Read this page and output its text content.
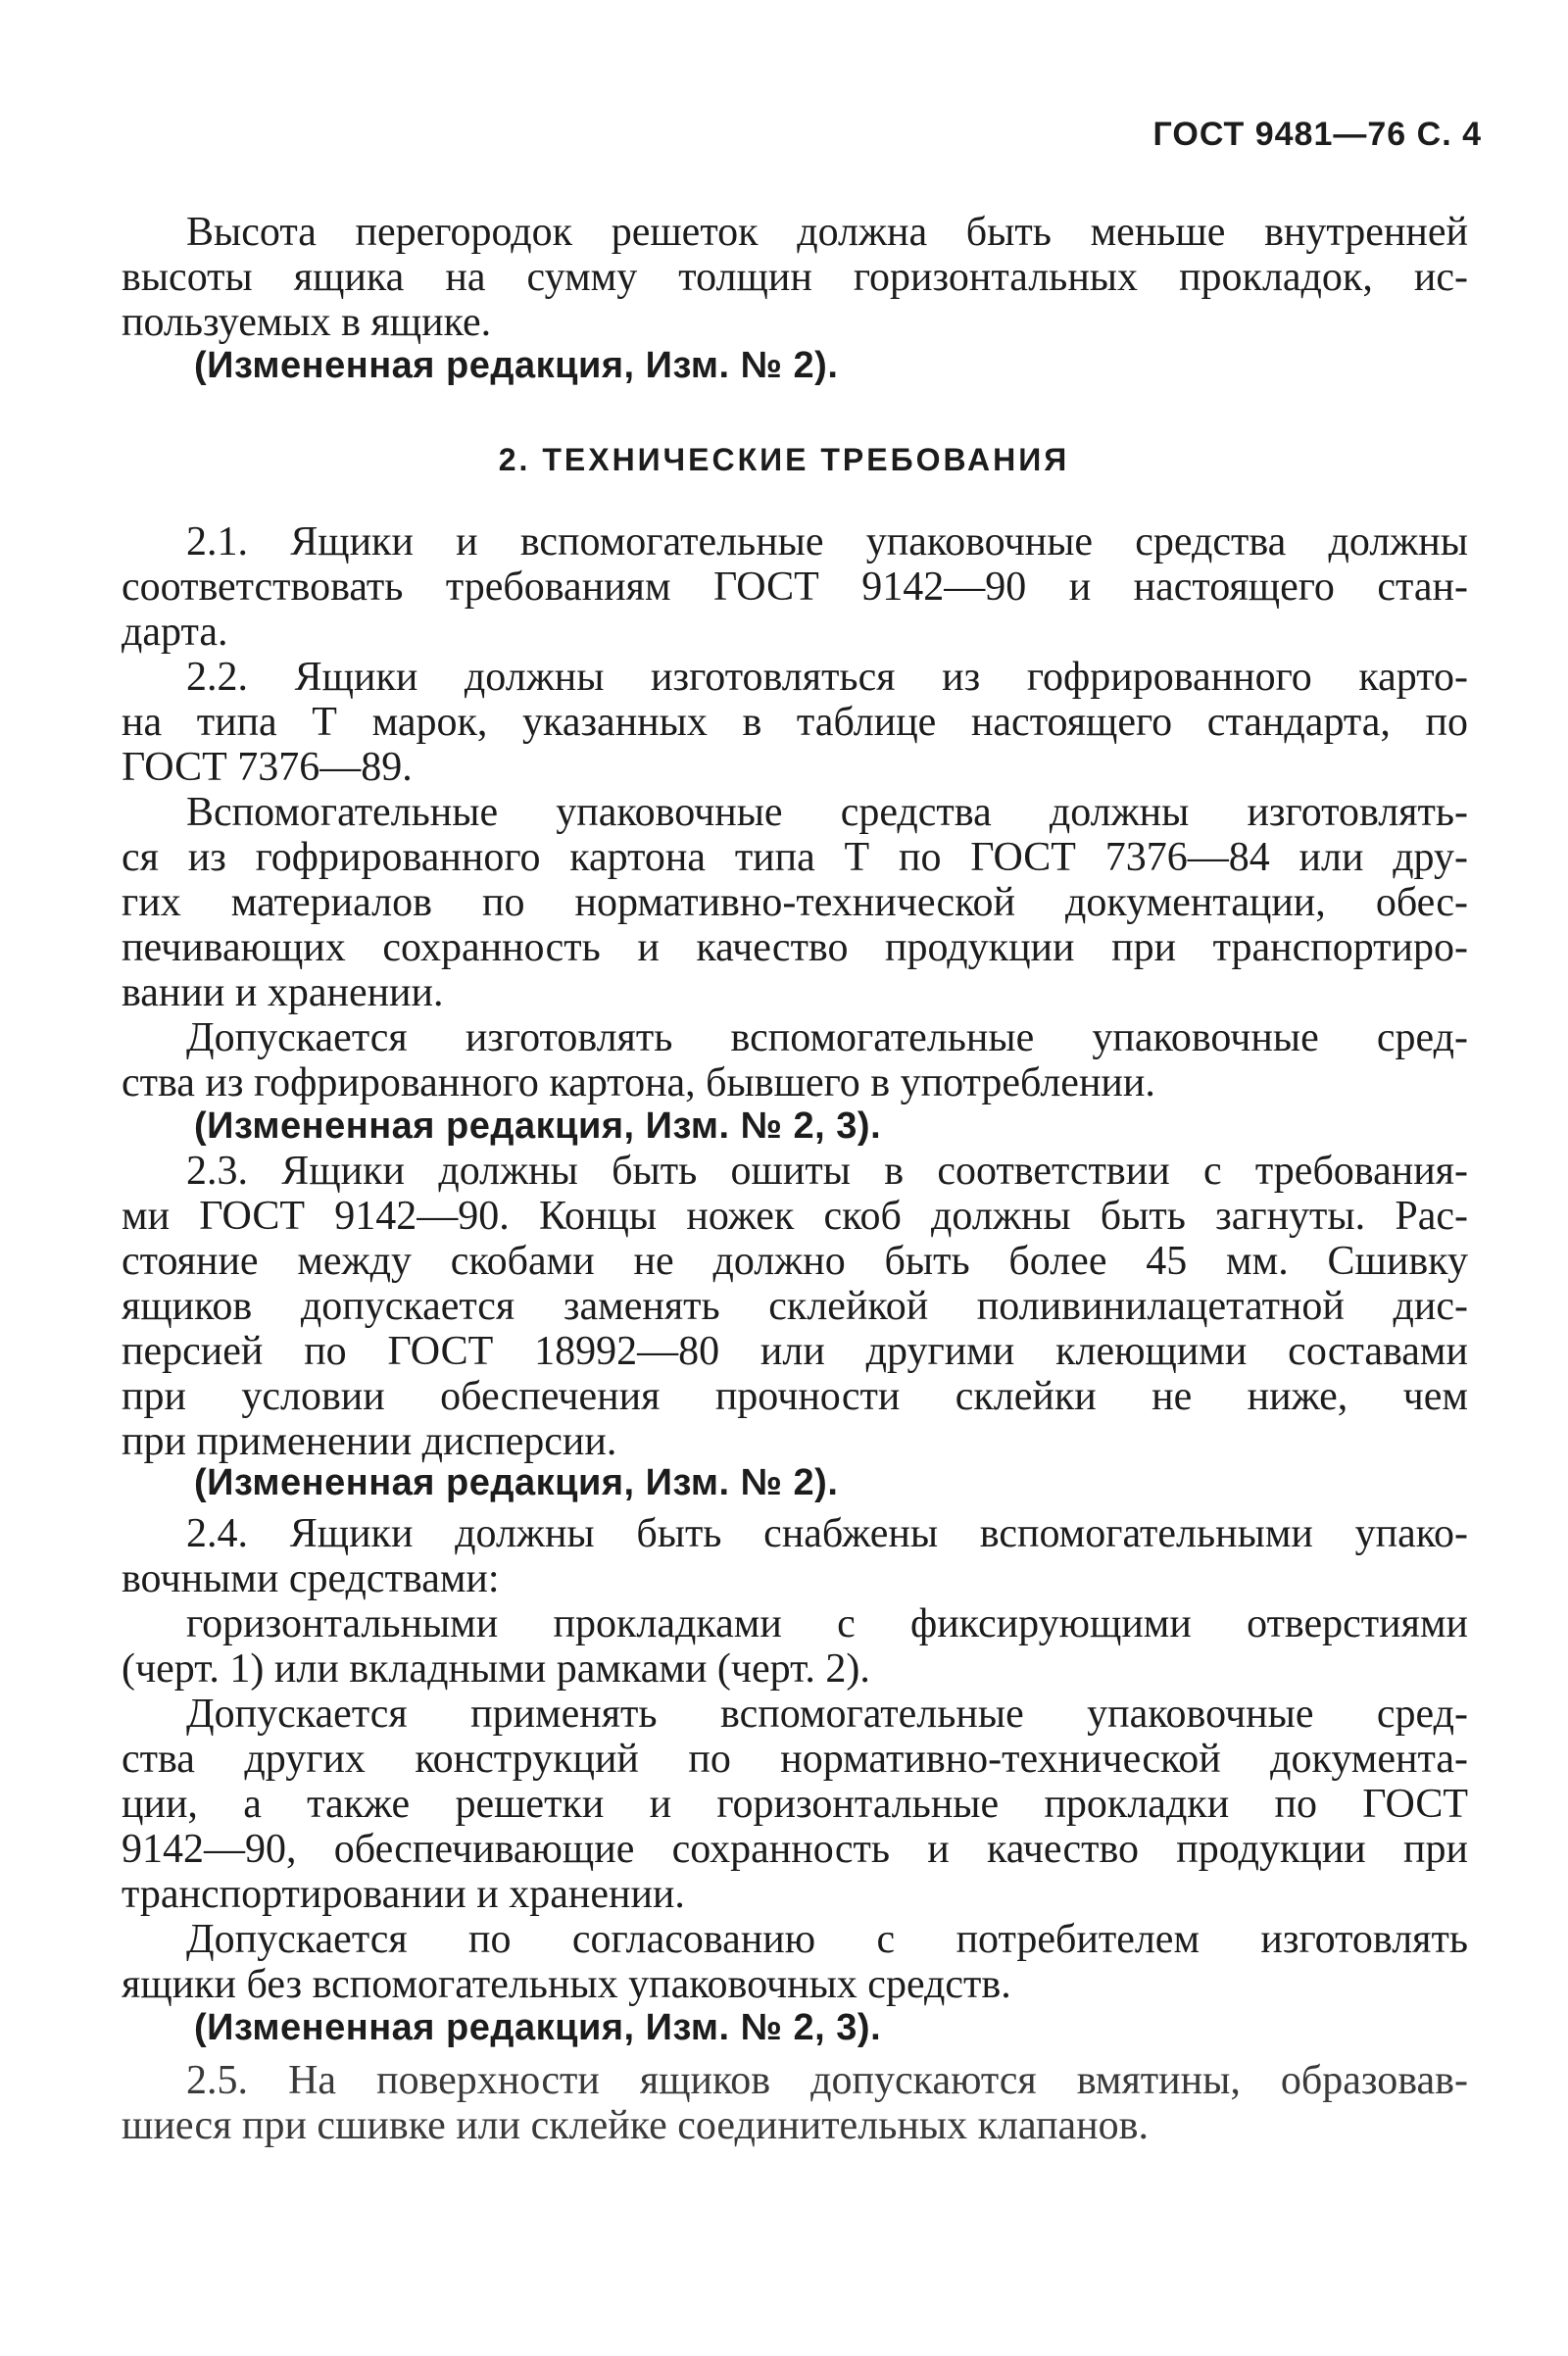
ГОСТ 9481—76 С. 4
Высота перегородок решеток должна быть меньше внутренней
высоты ящика на сумму толщин горизонтальных прокладок, ис-
пользуемых в ящике.
(Измененная редакция, Изм. № 2).
2. ТЕХНИЧЕСКИЕ ТРЕБОВАНИЯ
2.1. Ящики и вспомогательные упаковочные средства должны
соответствовать требованиям ГОСТ 9142—90 и настоящего стан-
дарта.
2.2. Ящики должны изготовляться из гофрированного карто-
на типа Т марок, указанных в таблице настоящего стандарта, по
ГОСТ 7376—89.
Вспомогательные упаковочные средства должны изготовлять-
ся из гофрированного картона типа Т по ГОСТ 7376—84 или дру-
гих материалов по нормативно-технической документации, обес-
печивающих сохранность и качество продукции при транспортиро-
вании и хранении.
Допускается изготовлять вспомогательные упаковочные сред-
ства из гофрированного картона, бывшего в употреблении.
(Измененная редакция, Изм. № 2, 3).
2.3. Ящики должны быть ошиты в соответствии с требования-
ми ГОСТ 9142—90. Концы ножек скоб должны быть загнуты. Рас-
стояние между скобами не должно быть более 45 мм. Сшивку
ящиков допускается заменять склейкой поливинилацетатной дис-
персией по ГОСТ 18992—80 или другими клеющими составами
при условии обеспечения прочности склейки не ниже, чем
при применении дисперсии.
(Измененная редакция, Изм. № 2).
2.4. Ящики должны быть снабжены вспомогательными упако-
вочными средствами:
горизонтальными прокладками с фиксирующими отверстиями
(черт. 1) или вкладными рамками (черт. 2).
Допускается применять вспомогательные упаковочные сред-
ства других конструкций по нормативно-технической документа-
ции, а также решетки и горизонтальные прокладки по ГОСТ
9142—90, обеспечивающие сохранность и качество продукции при
транспортировании и хранении.
Допускается по согласованию с потребителем изготовлять
ящики без вспомогательных упаковочных средств.
(Измененная редакция, Изм. № 2, 3).
2.5. На поверхности ящиков допускаются вмятины, образовав-
шиеся при сшивке или склейке соединительных клапанов.
